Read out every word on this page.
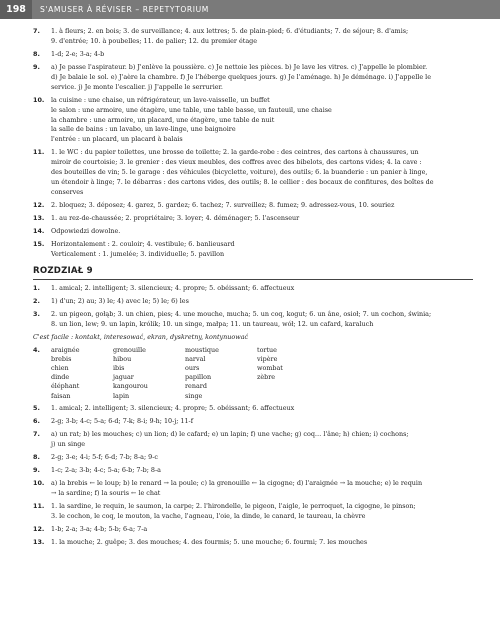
198	S'AMUSER À RÉVISER – REPETYTORIUM
7. 1. à fleurs; 2. en bois; 3. de surveillance; 4. aux lettres; 5. de plain-pied; 6. d'étudiants; 7. de séjour; 8. d'amis;
9. d'entrée; 10. à poubelles; 11. de palier; 12. du premier étage
8. 1-d; 2-e; 3-a; 4-b
9. a) Je passe l'aspirateur. b) J'enlève la poussière. c) Je nettoie les pièces. b) Je lave les vitres. c) J'appelle le plombier.
d) Je balaie le sol. e) J'aère la chambre. f) Je l'héberge quelques jours. g) Je l'aménage. h) Je déménage. i) J'appelle le
service. j) Je monte l'escalier. j) J'appelle le serrurier.
10. la cuisine : une chaise, un réfrigérateur, un lave-vaisselle, un buffet
le salon : une armoire, une étagère, une table, une table basse, un fauteuil, une chaise
la chambre : une armoire, un placard, une étagère, une table de nuit
la salle de bains : un lavabo, un lave-linge, une baignoire
l'entrée : un placard, un placard à balais
11. 1. le WC : du papier toilettes, une brosse de toilette; 2. la garde-robe : des ceintres, des cartons à chaussures, un
miroir de courtoisie; 3. le grenier : des vieux meubles, des coffres avec des bibelots, des cartons vides; 4. la cave :
des bouteilles de vin; 5. le garage : des véhicules (bicyclette, voiture), des outils; 6. la buanderie : un panier à linge,
un étendoir à linge; 7. le débarras : des cartons vides, des outils; 8. le cellier : des bocaux de confitures, des boîtes de
conserves
12. 2. bloquez; 3. déposez; 4. garez, 5. gardez; 6. tachez; 7. surveillez; 8. fumez; 9. adressez-vous, 10. souriez
13. 1. au rez-de-chaussée; 2. propriétaire; 3. loyer; 4. déménager; 5. l'ascenseur
14. Odpowiedzi dowolne.
15. Horizontalement : 2. couloir; 4. vestibule; 6. banlieusard
Verticalement : 1. jumelée; 3. individuelle; 5. pavillon
ROZDZIAŁ 9
1. 1. amical; 2. intelligent; 3. silencieux; 4. propre; 5. obéissant; 6. affectueux
2. 1) d'un; 2) au; 3) le; 4) avec le; 5) le; 6) les
3. 2. un pigeon, gołąb; 3. un chien, pies; 4. une mouche, mucha; 5. un coq, kogut; 6. un âne, osioł; 7. un cochon, świnia;
8. un lion, lew; 9. un lapin, królik; 10. un singe, małpa; 11. un taureau, wół; 12. un cafard, karaluch
C'est facile : kontakt, interesować, ekran, dyskretny, kontynuować
4. araignée	grenouille	moustique	tortue
brebis	hibou	narval	vipère
chien	ibis	ours	wombat
dinde	jaguar	papillon	zèbre
éléphant	kangourou	renard
faisan	lapin	singe
5. 1. amical; 2. intelligent; 3. silencieux; 4. propre; 5. obéissant; 6. affectueux
6. 2-g; 3-b; 4-c; 5-a; 6-d; 7-k; 8-i; 9-h; 10-j; 11-f
7. a) un rat; b) les mouches; c) un lion; d) le cafard; e) un lapin; f) une vache; g) coq… l'âne; h) chien; i) cochons;
j) un singe
8. 2-g; 3-e; 4-i; 5-f; 6-d; 7-b; 8-a; 9-c
9. 1-c; 2-a; 3-b; 4-c; 5-a; 6-b; 7-b; 8-a
10. a) la brebis ← le loup; b) le renard → la poule; c) la grenouille ← la cigogne; d) l'araignée → la mouche; e) le requin
→ la sardine; f) la souris ← le chat
11. 1. la sardine, le requin, le saumon, la carpe; 2. l'hirondelle, le pigeon, l'aigle, le perroquet, la cigogne, le pinson;
3. le cochon, le coq, le mouton, la vache, l'agneau, l'oie, la dinde, le canard, le taureau, la chèvre
12. 1-b; 2-a; 3-a; 4-b; 5-b; 6-a; 7-a
13. 1. la mouche; 2. guêpe; 3. des mouches; 4. des fourmis; 5. une mouche; 6. fourmi; 7. les mouches
